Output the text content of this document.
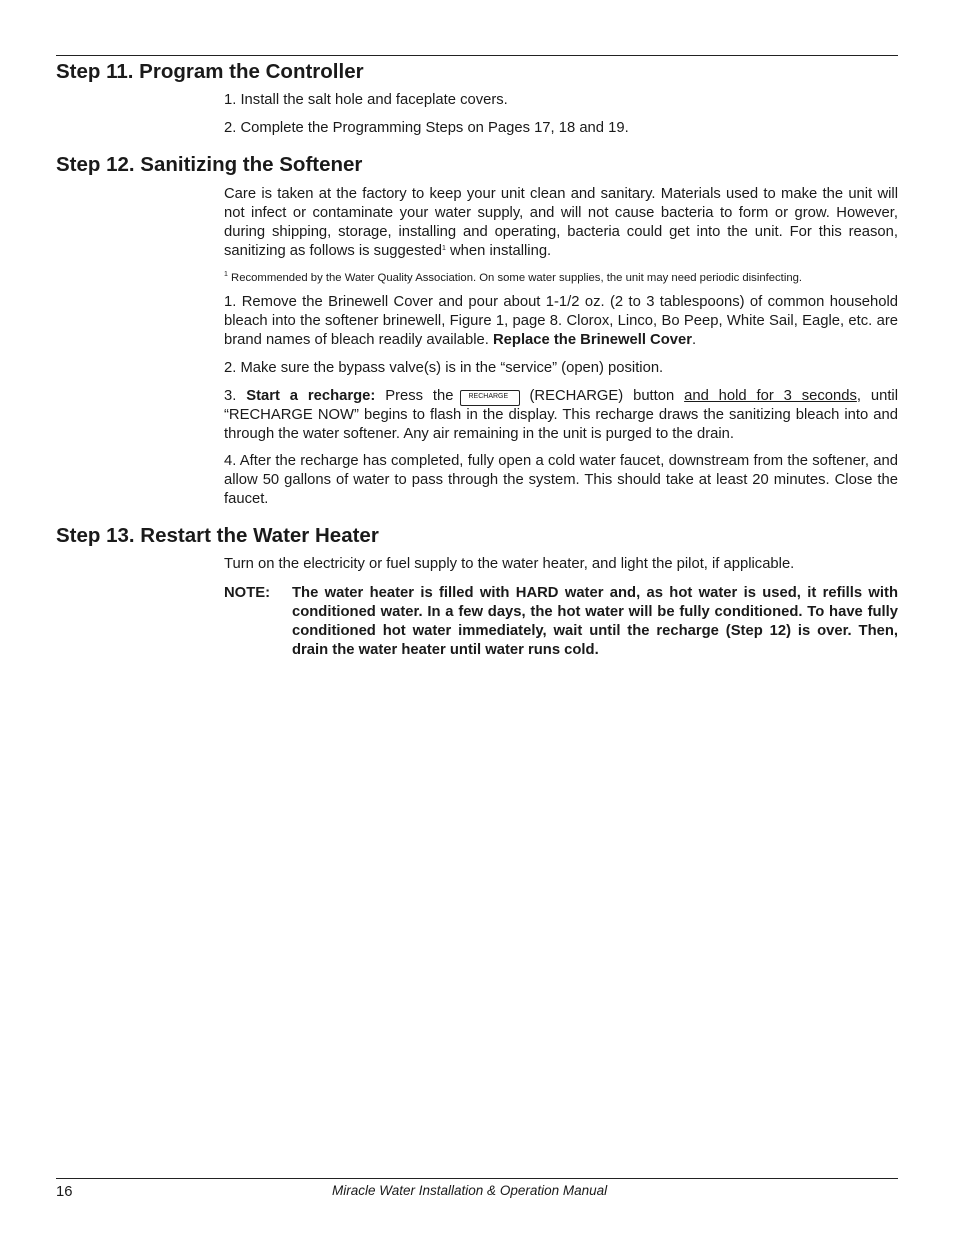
Step 11. Program the Controller

1. Install the salt hole and faceplate covers.

2. Complete the Programming Steps on Pages 17, 18 and 19.

Step 12. Sanitizing the Softener

Care is taken at the factory to keep your unit clean and sanitary. Materials used to make the unit will not infect or contaminate your water supply, and will not cause bacteria to form or grow. However, during shipping, storage, installing and operating, bacteria could get into the unit. For this reason, sanitizing as follows is suggested$^1$ when installing.

$^1$ Recommended by the Water Quality Association. On some water supplies, the unit may need periodic disinfecting.

1. Remove the Brinewell Cover and pour about 1-1/2 oz. (2 to 3 tablespoons) of common household bleach into the softener brinewell, Figure 1, page 8. Clorox, Linco, Bo Peep, White Sail, Eagle, etc. are brand names of bleach readily available. Replace the Brinewell Cover.

2. Make sure the bypass valve(s) is in the “service” (open) position.

3. Start a recharge: Press the RECHARGE (RECHARGE) button and hold for 3 seconds, until “RECHARGE NOW” begins to flash in the display. This recharge draws the sanitizing bleach into and through the water softener. Any air remaining in the unit is purged to the drain.

4. After the recharge has completed, fully open a cold water faucet, downstream from the softener, and allow 50 gallons of water to pass through the system. This should take at least 20 minutes. Close the faucet.

Step 13. Restart the Water Heater

Turn on the electricity or fuel supply to the water heater, and light the pilot, if applicable.

NOTE: The water heater is filled with HARD water and, as hot water is used, it refills with conditioned water. In a few days, the hot water will be fully conditioned. To have fully conditioned hot water immediately, wait until the recharge (Step 12) is over. Then, drain the water heater until water runs cold.

16	Miracle Water Installation & Operation Manual
